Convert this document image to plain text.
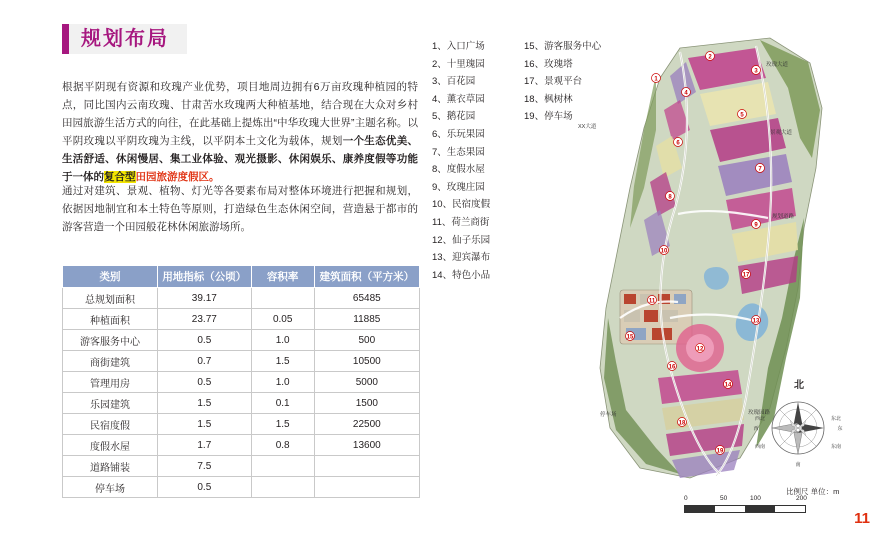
规划布局
根据平阴现有资源和玫瑰产业优势，项目地周边拥有6万亩玫瑰种植园的特点，同比国内云南玫瑰、甘肃苦水玫瑰两大种植基地，结合现在大众对乡村田园旅游生活方式的向往，在此基础上提炼出“中华玫瑰大世界”主题名称。以平阴玫瑰以平阴玫瑰为主线，以平阴本土文化为载体，规划一个生态优美、生活舒适、休闲慢居、集工业体验、观光摄影、休闲娱乐、康养度假等功能于一体的复合型田园旅游度假区。
通过对建筑、景观、植物、灯光等各要素布局对整体环境进行把握和规划，依据因地制宜和本土特色等原则，打造绿色生态休闲空间，营造悬于都市的游客营造一个田园般花林休闲旅游场所。
类别	用地指标（公顷）	容积率	建筑面积（平方米）
总规划面积	39.17		65485
种植面积	23.77	0.05	11885
游客服务中心	0.5	1.0	500
商街建筑	0.7	1.5	10500
管理用房	0.5	1.0	5000
乐园建筑	1.5	0.1	1500
民宿度假	1.5	1.5	22500
度假水屋	1.7	0.8	13600
道路铺装	7.5		
停车场	0.5		
1、入口广场
2、十里瑰园
3、百花园
4、薰衣草园
5、鹅花园
6、乐玩果园
7、生态果园
8、度假水屋
9、玫瑰庄园
10、民宿度假
11、荷兰商街
12、仙子乐园
13、迎宾瀑布
14、特色小品
15、游客服务中心
16、玫瑰塔
17、景观平台
18、枫树林
19、停车场
2
3
4
5
6
7
8
9
10
13
11
12
14
18
19
15
16
17
1
XX大道
玫瑰大道
景观大道
规划道路
停车场	玫瑰园路
北
西北	东北
西	东
西南	东南
南
比例尺 单位：m
0	50	100	200
11
